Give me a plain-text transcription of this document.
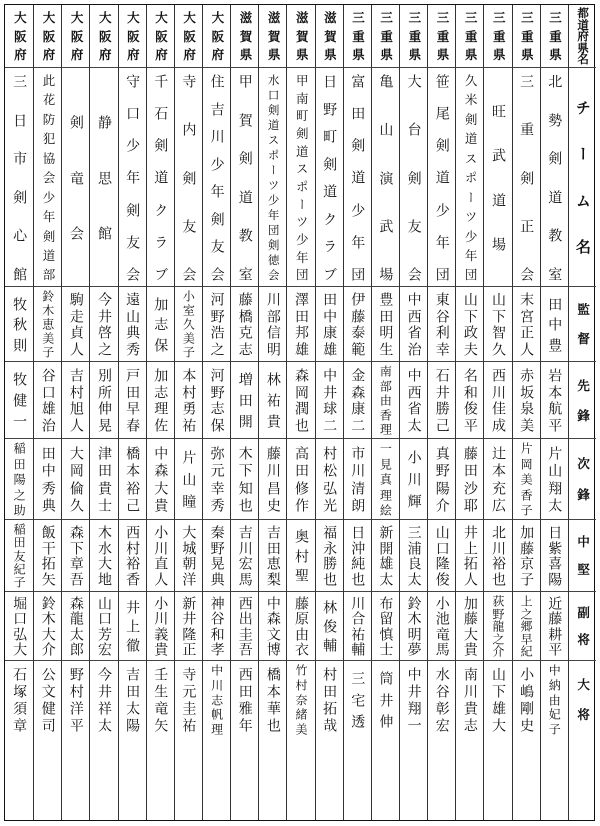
都
道
府
県
名
チ
ー
ム
名
監
督
先
鋒
次
鋒
中
堅
副
将
大
将
三
重
県
北
勢
剣
道
教
室
田
中
豊
岩
本
航
平
片
山
翔
太
日
紫
喜
陽
近
藤
耕
平
中
納
由
妃
子
三
重
県
三
重
剣
正
会
末
宮
正
人
赤
坂
泉
美
片
岡
美
香
子
加
藤
京
子
上
之
郷
早
紀
小
嶋
剛
史
三
重
県
旺
武
道
場
山
下
智
久
西
川
佳
成
辻
本
充
広
北
川
裕
也
荻
野
龍
之
介
山
下
雄
大
三
重
県
久
米
剣
道
ス
ポ
ー
ツ
少
年
団
山
下
政
夫
名
和
俊
平
藤
田
沙
耶
井
上
拓
人
加
藤
大
貴
南
川
貴
志
三
重
県
笹
尾
剣
道
少
年
団
東
谷
利
幸
石
井
勝
己
真
野
陽
介
山
口
隆
俊
小
池
竜
馬
水
谷
彰
宏
三
重
県
大
台
剣
友
会
中
西
省
治
中
西
省
太
小
川
輝
三
浦
良
太
鈴
木
明
夢
中
井
翔
一
三
重
県
亀
山
演
武
場
豊
田
明
生
南
部
由
香
理
一
見
真
理
絵
新
開
雄
太
布
留
慎
士
筒
井
伸
三
重
県
富
田
剣
道
少
年
団
伊
藤
泰
範
金
森
康
二
市
川
清
朗
日
沖
純
也
川
合
祐
輔
三
宅
透
滋
賀
県
日
野
町
剣
道
ク
ラ
ブ
田
中
康
雄
中
井
球
二
村
松
弘
光
福
永
勝
也
林
俊
輔
村
田
拓
哉
滋
賀
県
甲
南
町
剣
道
ス
ポ
ー
ツ
少
年
団
澤
田
邦
雄
森
岡
潤
也
高
田
修
作
奥
村
聖
藤
原
由
衣
竹
村
奈
緒
美
滋
賀
県
水
口
剣
道
ス
ポ
ー
ツ
少
年
団
剣
徳
会
川
部
信
明
林
祐
貴
藤
川
昌
史
吉
田
恵
梨
中
森
文
博
橋
本
華
也
滋
賀
県
甲
賀
剣
道
教
室
藤
橋
克
志
増
田
開
木
下
知
也
吉
川
宏
馬
西
出
圭
吾
西
田
雅
年
大
阪
府
住
吉
川
少
年
剣
友
会
河
野
浩
之
河
野
志
保
弥
元
幸
秀
秦
野
晃
典
神
谷
和
孝
中
川
志
帆
理
大
阪
府
寺
内
剣
友
会
小
室
久
美
子
本
村
勇
祐
片
山
瞳
大
城
朝
洋
新
井
隆
正
寺
元
圭
祐
大
阪
府
千
石
剣
道
ク
ラ
ブ
加
志
保
加
志
理
佐
中
森
大
貴
小
川
直
人
小
川
義
貴
壬
生
竜
矢
大
阪
府
守
口
少
年
剣
友
会
遠
山
典
秀
戸
田
早
春
橋
本
裕
己
西
村
裕
香
井
上
徹
吉
田
太
陽
大
阪
府
静
思
館
今
井
啓
之
別
所
伸
晃
津
田
貴
士
木
水
大
地
山
口
芳
宏
今
井
祥
太
大
阪
府
剣
竜
会
駒
走
貞
人
吉
村
旭
人
大
岡
倫
久
森
下
章
吾
森
龍
太
郎
野
村
洋
平
大
阪
府
此
花
防
犯
協
会
少
年
剣
道
部
鈴
木
恵
美
子
谷
口
雄
治
田
中
秀
典
飯
干
拓
矢
鈴
木
大
介
公
文
健
司
大
阪
府
三
日
市
剣
心
館
牧
秋
則
牧
健
一
稲
田
陽
之
助
稲
田
友
紀
子
堀
口
弘
大
石
塚
須
章
